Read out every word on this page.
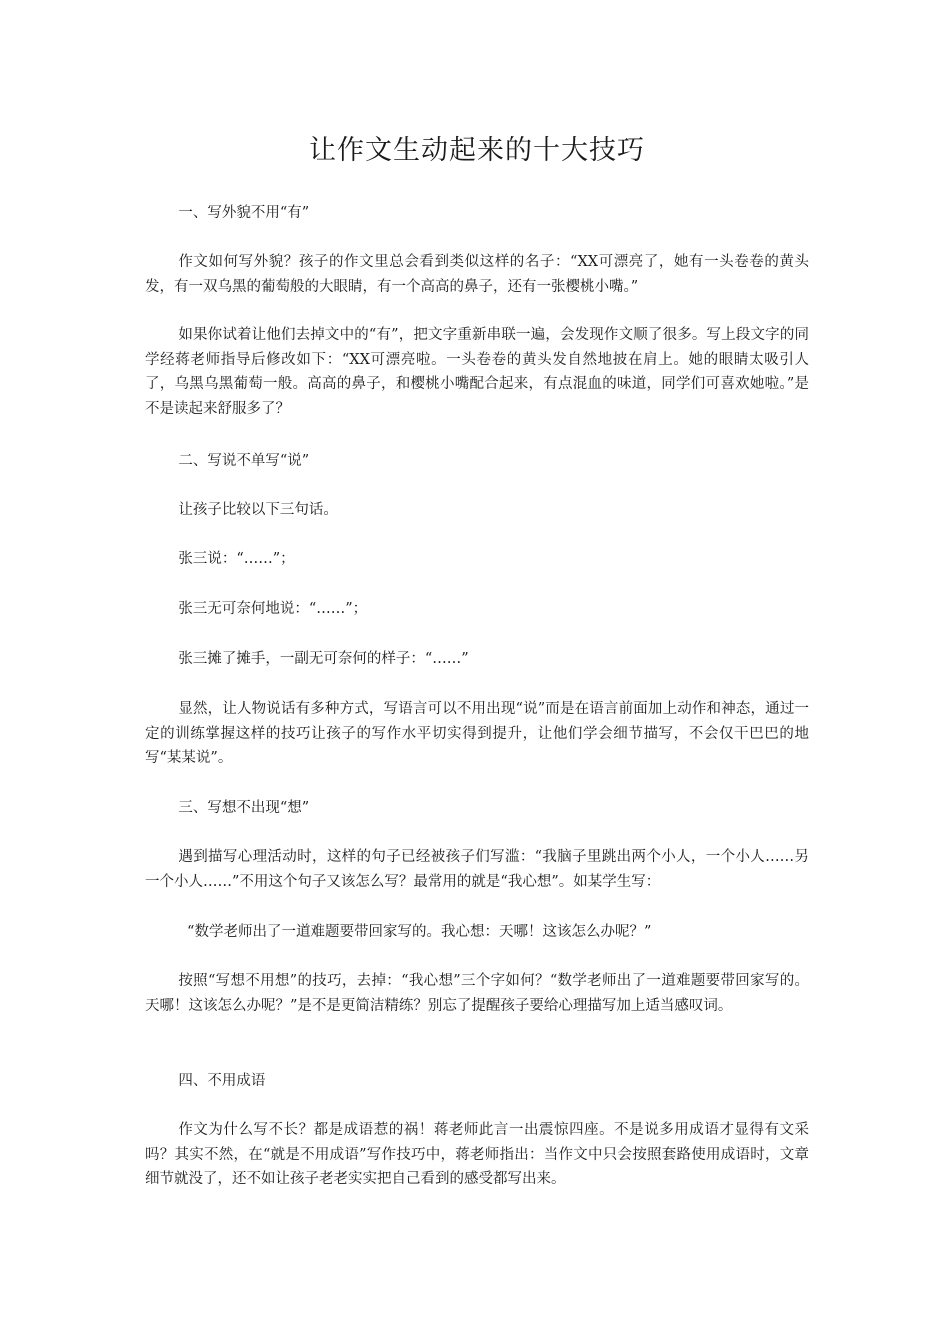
让作文生动起来的十大技巧

一、写外貌不用“有”

作文如何写外貌？孩子的作文里总会看到类似这样的名子：“XX可漂亮了，她有一头卷卷的黄头发，有一双乌黑的葡萄般的大眼睛，有一个高高的鼻子，还有一张樱桃小嘴。”

如果你试着让他们去掉文中的“有”，把文字重新串联一遍，会发现作文顺了很多。写上段文字的同学经蒋老师指导后修改如下：“XX可漂亮啦。一头卷卷的黄头发自然地披在肩上。她的眼睛太吸引人了，乌黑乌黑葡萄一般。高高的鼻子，和樱桃小嘴配合起来，有点混血的味道，同学们可喜欢她啦。”是不是读起来舒服多了？

二、写说不单写“说”

让孩子比较以下三句话。

张三说：“……”；

张三无可奈何地说：“……”；

张三摊了摊手，一副无可奈何的样子：“……”

显然，让人物说话有多种方式，写语言可以不用出现“说”而是在语言前面加上动作和神态，通过一定的训练掌握这样的技巧让孩子的写作水平切实得到提升，让他们学会细节描写，不会仅干巴巴的地写“某某说”。

三、写想不出现“想”

遇到描写心理活动时，这样的句子已经被孩子们写滥：“我脑子里跳出两个小人，一个小人……另一个小人……”不用这个句子又该怎么写？最常用的就是“我心想”。如某学生写：

“数学老师出了一道难题要带回家写的。我心想：天哪！这该怎么办呢？”

按照“写想不用想”的技巧，去掉：“我心想”三个字如何？“数学老师出了一道难题要带回家写的。天哪！这该怎么办呢？”是不是更简洁精练？别忘了提醒孩子要给心理描写加上适当感叹词。

四、不用成语

作文为什么写不长？都是成语惹的祸！蒋老师此言一出震惊四座。不是说多用成语才显得有文采吗？其实不然，在“就是不用成语”写作技巧中，蒋老师指出：当作文中只会按照套路使用成语时，文章细节就没了，还不如让孩子老老实实把自己看到的感受都写出来。
